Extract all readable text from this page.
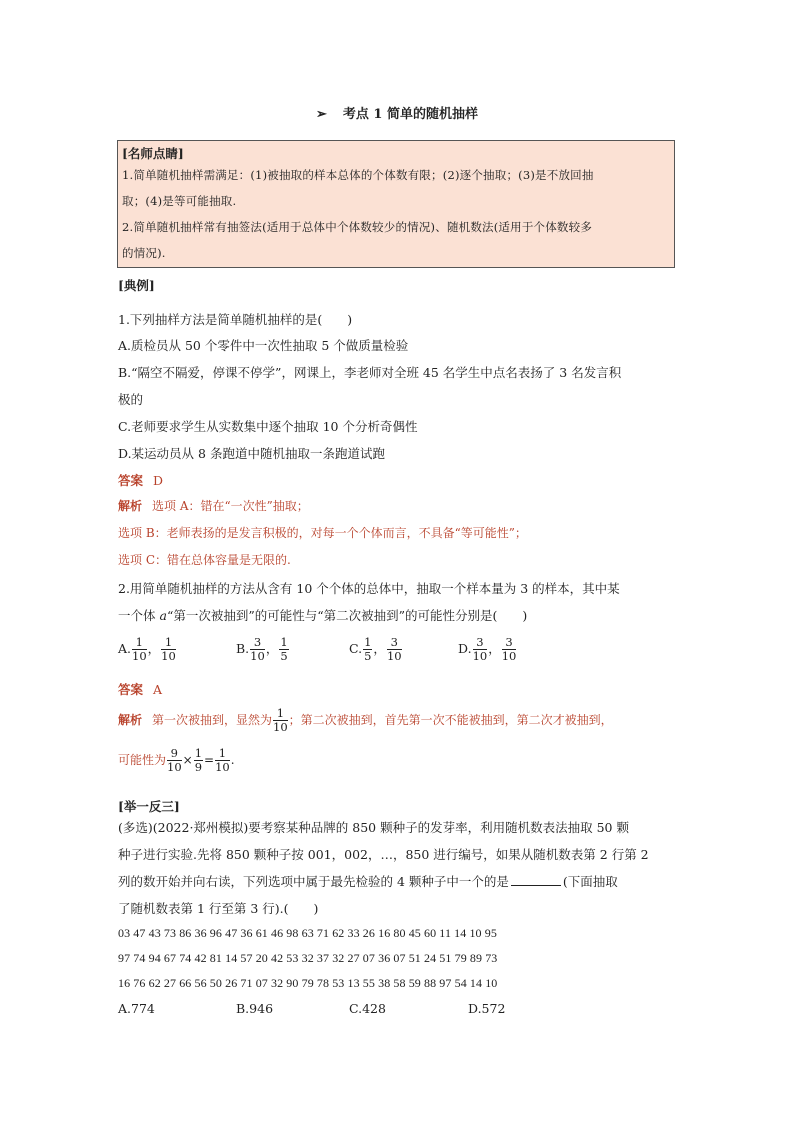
➢ 考点 1 简单的随机抽样
[名师点睛]
1.简单随机抽样需满足：(1)被抽取的样本总体的个体数有限；(2)逐个抽取；(3)是不放回抽
取；(4)是等可能抽取.
2.简单随机抽样常有抽签法(适用于总体中个体数较少的情况)、随机数法(适用于个体数较多
的情况).
[典例]
1.下列抽样方法是简单随机抽样的是(　　)
A.质检员从 50 个零件中一次性抽取 5 个做质量检验
B.“隔空不隔爱，停课不停学”，网课上，李老师对全班 45 名学生中点名表扬了 3 名发言积
极的
C.老师要求学生从实数集中逐个抽取 10 个分析奇偶性
D.某运动员从 8 条跑道中随机抽取一条跑道试跑
答案 D
解析 选项 A：错在“一次性”抽取；
选项 B：老师表扬的是发言积极的，对每一个个体而言，不具备“等可能性”；
选项 C：错在总体容量是无限的.
2.用简单随机抽样的方法从含有 10 个个体的总体中，抽取一个样本量为 3 的样本，其中某
一个体 a“第一次被抽到”的可能性与“第二次被抽到”的可能性分别是(　　)
A. $\frac{1}{10}$ ， $\frac{1}{10}$	B. $\frac{3}{10}$ ， $\frac{1}{5}$	C. $\frac{1}{5}$ ， $\frac{3}{10}$	D. $\frac{3}{10}$ ， $\frac{3}{10}$
答案 A
解析 第一次被抽到，显然为 $\frac{1}{10}$ ；第二次被抽到，首先第一次不能被抽到，第二次才被抽到，
可能性为 $\frac{9}{10} \times \frac{1}{9} = \frac{1}{10}$ .
[举一反三]
(多选)(2022·郑州模拟)要考察某种品牌的 850 颗种子的发芽率，利用随机数表法抽取 50 颗
种子进行实验.先将 850 颗种子按 001，002，…，850 进行编号，如果从随机数表第 2 行第 2
列的数开始并向右读，下列选项中属于最先检验的 4 颗种子中一个的是	(下面抽取
了随机数表第 1 行至第 3 行).(　　)
03 47 43 73 86 36 96 47 36 61 46 98 63 71 62 33 26 16 80 45 60 11 14 10 95
97 74 94 67 74 42 81 14 57 20 42 53 32 37 32 27 07 36 07 51 24 51 79 89 73
16 76 62 27 66 56 50 26 71 07 32 90 79 78 53 13 55 38 58 59 88 97 54 14 10
A.774	B.946	C.428	D.572
